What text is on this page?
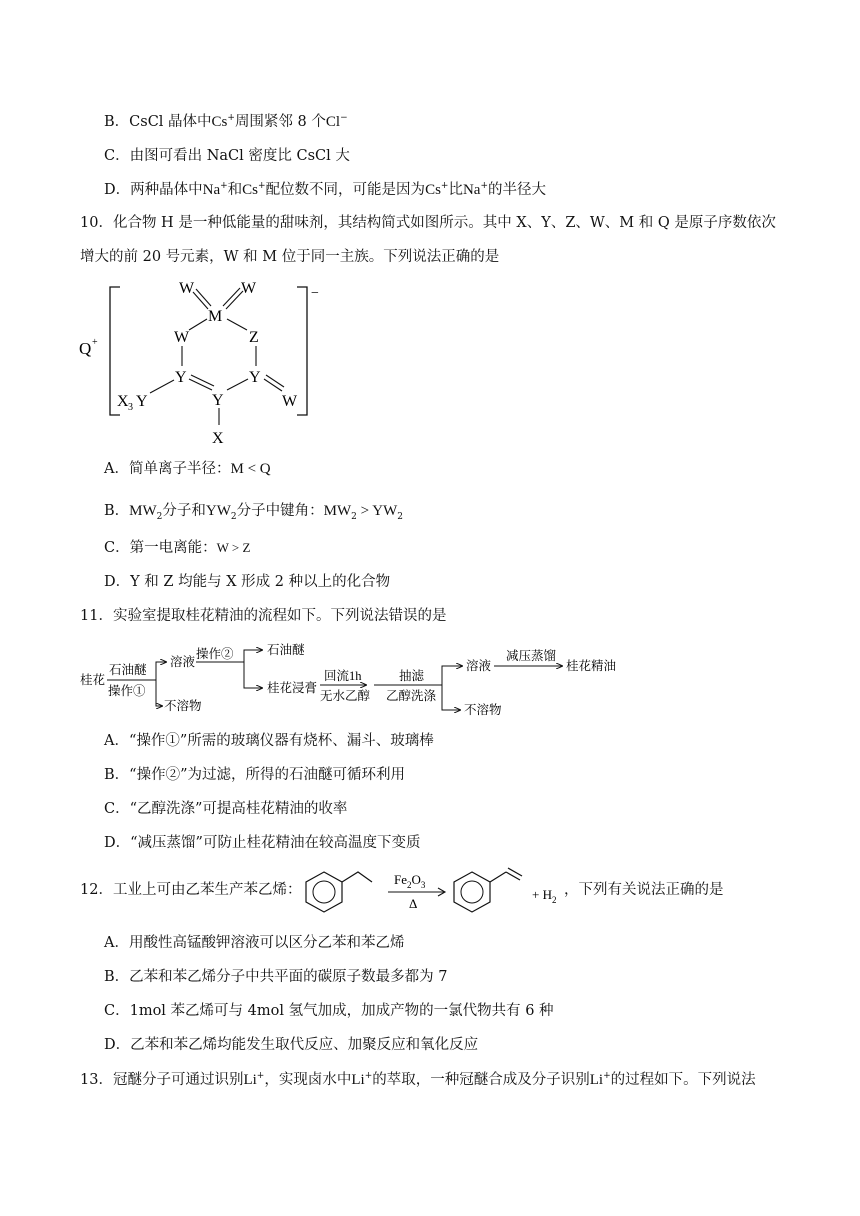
B．CsCl 晶体中Cs+周围紧邻 8 个Cl−
C．由图可看出 NaCl 密度比 CsCl 大
D．两种晶体中Na+和Cs+配位数不同，可能是因为Cs+比Na+的半径大
10．化合物 H 是一种低能量的甜味剂，其结构简式如图所示。其中 X、Y、Z、W、M 和 Q 是原子序数依次
增大的前 20 号元素，W 和 M 位于同一主族。下列说法正确的是
−
Q +
W	W
M
W	Z
Y	Y
Y	W
X 3 Y
X
A．简单离子半径：M < Q
B．$MW_2$分子和$YW_2$分子中键角：$MW_2 > YW_2$
C．第一电离能：W > Z
D．Y 和 Z 均能与 X 形成 2 种以上的化合物
11．实验室提取桂花精油的流程如下。下列说法错误的是
桂花
石油醚
操作①
溶液
不溶物
操作②	石油醚
桂花浸膏
回流1h
无水乙醇
抽滤
乙醇洗涤
溶液
不溶物
减压蒸馏
桂花精油
A．“操作①”所需的玻璃仪器有烧杯、漏斗、玻璃棒
B．“操作②”为过滤，所得的石油醚可循环利用
C．“乙醇洗涤”可提高桂花精油的收率
D．“减压蒸馏”可防止桂花精油在较高温度下变质
12．工业上可由乙苯生产苯乙烯：
$Fe_2O_3$
Δ
+ $H_2$
，下列有关说法正确的是
A．用酸性高锰酸钾溶液可以区分乙苯和苯乙烯
B．乙苯和苯乙烯分子中共平面的碳原子数最多都为 7
C．1mol 苯乙烯可与 4mol 氢气加成，加成产物的一氯代物共有 6 种
D．乙苯和苯乙烯均能发生取代反应、加聚反应和氧化反应
13．冠醚分子可通过识别Li+，实现卤水中Li+的萃取，一种冠醚合成及分子识别Li+的过程如下。下列说法
